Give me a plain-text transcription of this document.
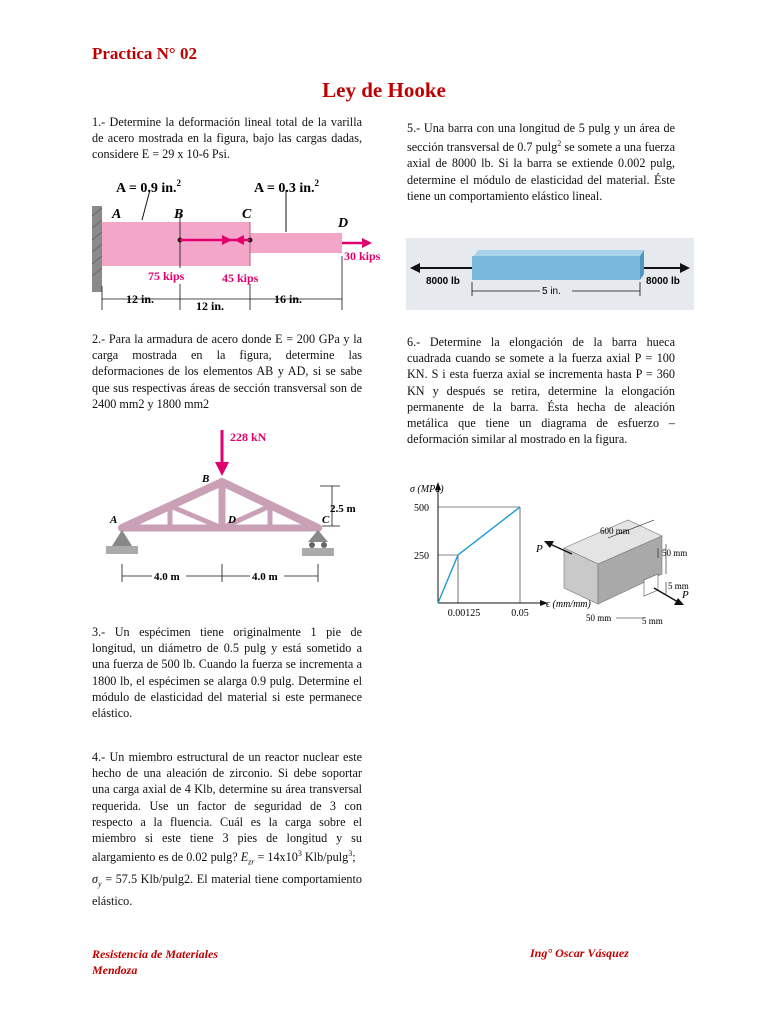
Practica N° 02
Ley de Hooke

1.- Determine la deformación lineal total de la varilla de acero mostrada en la figura, bajo las cargas dadas, considere E = 29 x 10-6 Psi.

A = 0.9 in.$^2$	A = 0.3 in.$^2$
A	B	C
D
30 kips
75 kips	45 kips
12 in.	12 in.	16 in.

2.- Para la armadura de acero donde E = 200 GPa y la carga mostrada en la figura, determine las deformaciones de los elementos AB y AD, si se sabe que sus respectivas áreas de sección transversal son de 2400 mm2 y 1800 mm2

228 kN
B
A	D	C
2.5 m
4.0 m	4.0 m

3.- Un espécimen tiene originalmente 1 pie de longitud, un diámetro de 0.5 pulg y está sometido a una fuerza de 500 lb. Cuando la fuerza se incrementa a 1800 lb, el espécimen se alarga 0.9 pulg. Determine el módulo de elasticidad del material si este permanece elástico.

4.- Un miembro estructural de un reactor nuclear este hecho de una aleación de zirconio. Si debe soportar una carga axial de 4 Klb, determine su área transversal requerida. Use un factor de seguridad de 3 con respecto a la fluencia. Cuál es la carga sobre el miembro si este tiene 3 pies de longitud y su alargamiento es de 0.02 pulg? $E_{zr} = 14x10^3$ Klb/pulg$^3$;
$\sigma_y = 57.5$ Klb/pulg2. El material tiene comportamiento elástico.

5.- Una barra con una longitud de 5 pulg y un área de sección transversal de 0.7 pulg$^2$ se somete a una fuerza axial de 8000 lb. Si la barra se extiende 0.002 pulg, determine el módulo de elasticidad del material. Éste tiene un comportamiento elástico lineal.

8000 lb	8000 lb
5 in.

6.- Determine la elongación de la barra hueca cuadrada cuando se somete a la fuerza axial P = 100 KN. S i esta fuerza axial se incrementa hasta P = 360 KN y después se retira, determine la elongación permanente de la barra. Ésta hecha de aleación metálica que tiene un diagrama de esfuerzo – deformación similar al mostrado en la figura.

σ (MPa)
ϵ (mm/mm)
500
250
0.00125	0.05
P
P
600 mm
50 mm
5 mm
50 mm	5 mm
Resistencia de Materiales
Mendoza
Ing° Oscar Vásquez
